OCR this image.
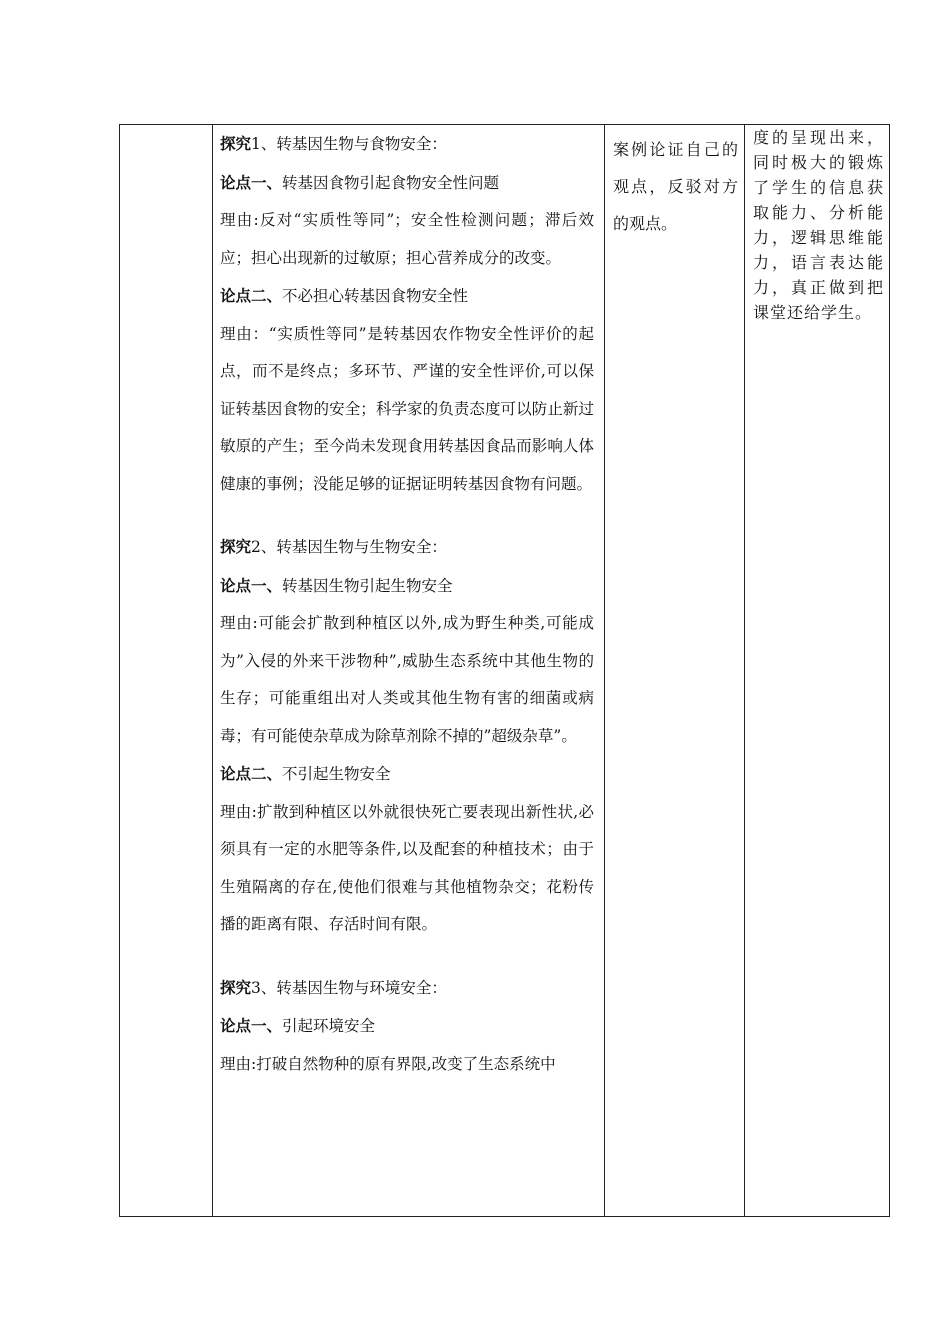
探究1、转基因生物与食物安全：

论点一、转基因食物引起食物安全性问题

理由:反对“实质性等同”；安全性检测问题；滞后效应；担心出现新的过敏原；担心营养成分的改变。

论点二、不必担心转基因食物安全性

理由：“实质性等同”是转基因农作物安全性评价的起点，而不是终点；多环节、严谨的安全性评价,可以保证转基因食物的安全；科学家的负责态度可以防止新过敏原的产生；至今尚未发现食用转基因食品而影响人体健康的事例；没能足够的证据证明转基因食物有问题。

探究2、转基因生物与生物安全：

论点一、转基因生物引起生物安全

理由:可能会扩散到种植区以外,成为野生种类,可能成为”入侵的外来干涉物种”,威胁生态系统中其他生物的生存；可能重组出对人类或其他生物有害的细菌或病毒；有可能使杂草成为除草剂除不掉的”超级杂草”。

论点二、不引起生物安全

理由:扩散到种植区以外就很快死亡要表现出新性状,必须具有一定的水肥等条件,以及配套的种植技术；由于生殖隔离的存在,使他们很难与其他植物杂交；花粉传播的距离有限、存活时间有限。

探究3、转基因生物与环境安全：

论点一、引起环境安全

理由:打破自然物种的原有界限,改变了生态系统中

案例论证自己的观点，反驳对方的观点。

度的呈现出来，同时极大的锻炼了学生的信息获取能力、分析能力，逻辑思维能力，语言表达能力，真正做到把课堂还给学生。
